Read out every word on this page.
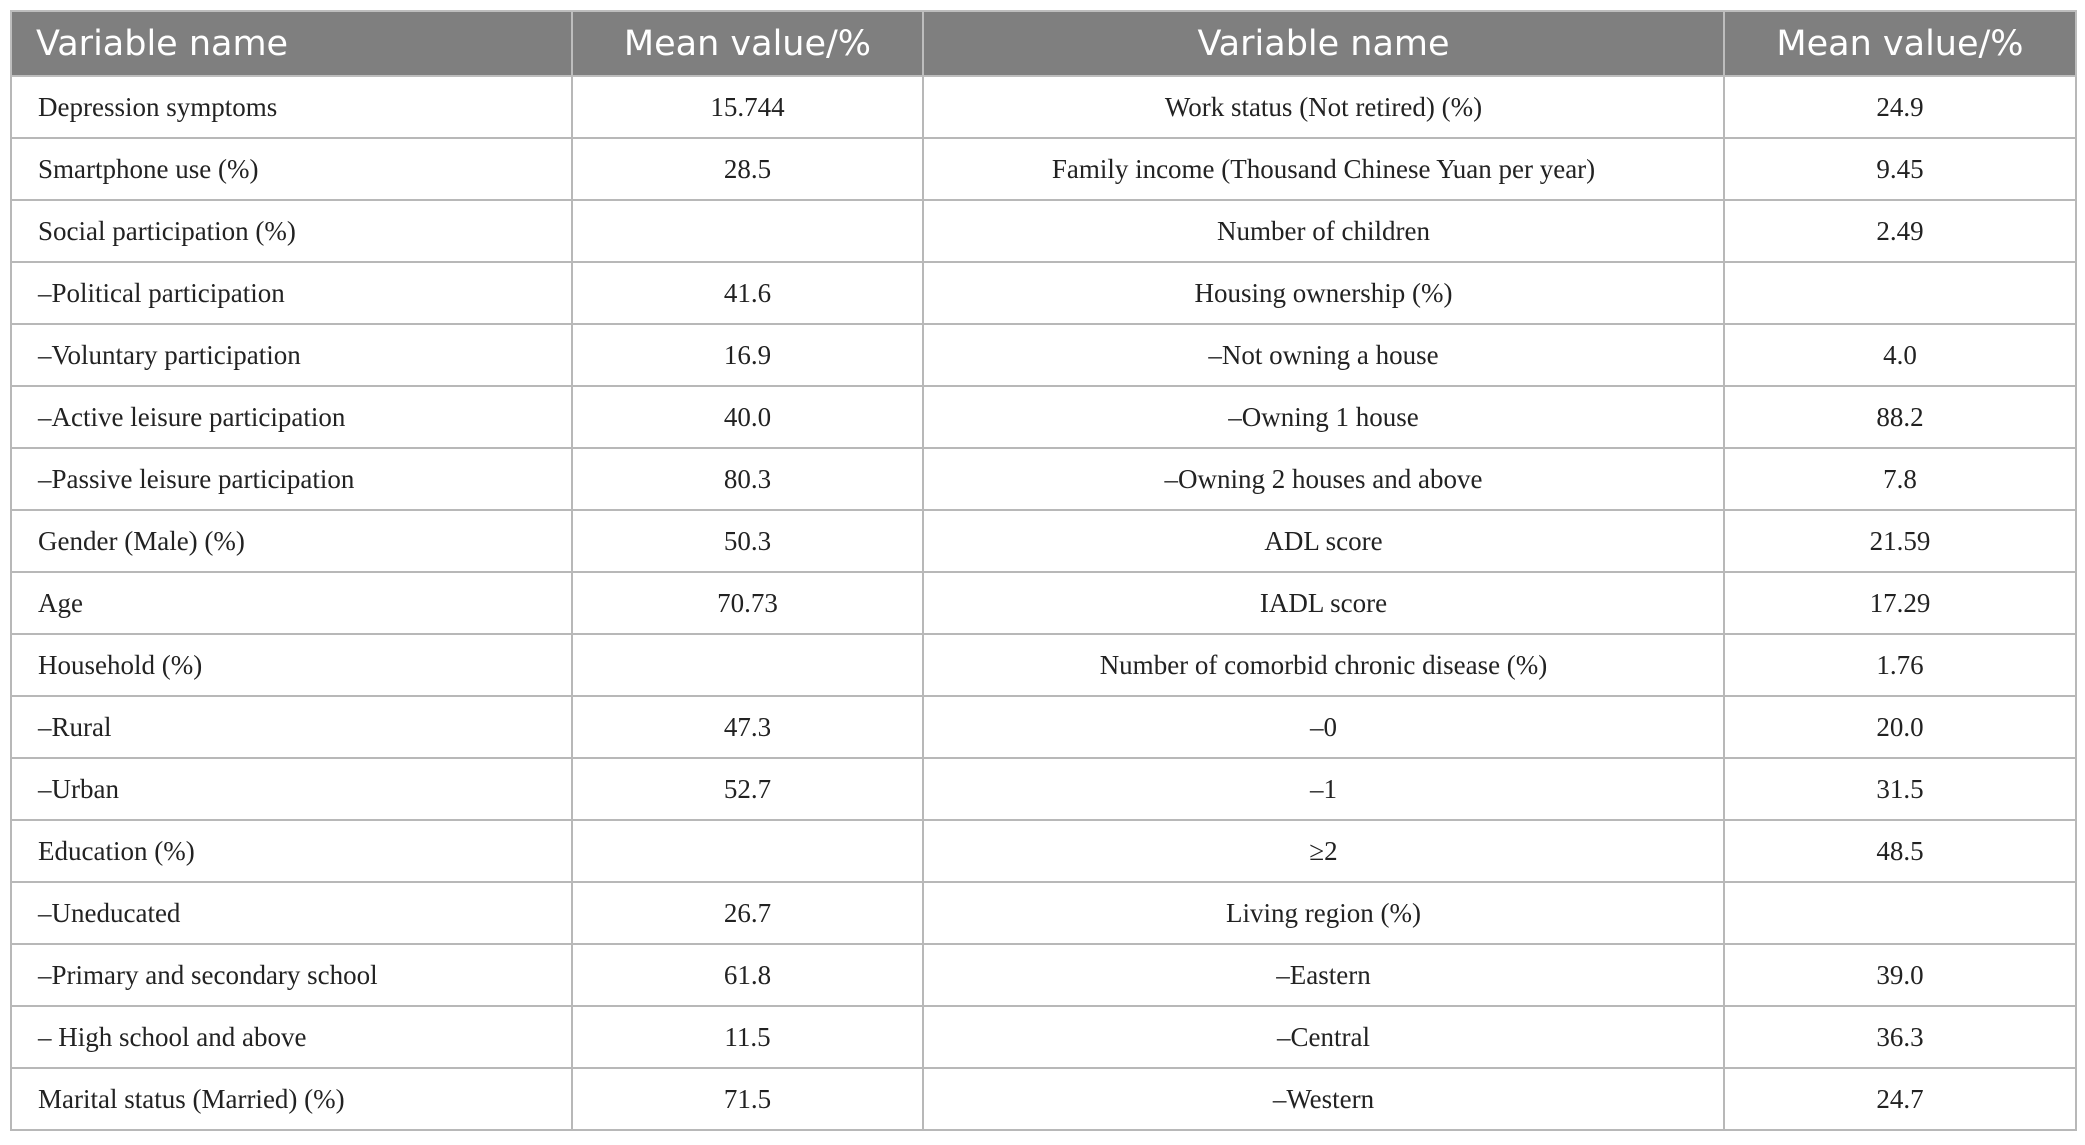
Variable name	Mean value/%	Variable name	Mean value/%
Depression symptoms	15.744	Work status (Not retired) (%)	24.9
Smartphone use (%)	28.5	Family income (Thousand Chinese Yuan per year)	9.45
Social participation (%)		Number of children	2.49
–Political participation	41.6	Housing ownership (%)	
–Voluntary participation	16.9	–Not owning a house	4.0
–Active leisure participation	40.0	–Owning 1 house	88.2
–Passive leisure participation	80.3	–Owning 2 houses and above	7.8
Gender (Male) (%)	50.3	ADL score	21.59
Age	70.73	IADL score	17.29
Household (%)		Number of comorbid chronic disease (%)	1.76
–Rural	47.3	–0	20.0
–Urban	52.7	–1	31.5
Education (%)		≥2	48.5
–Uneducated	26.7	Living region (%)	
–Primary and secondary school	61.8	–Eastern	39.0
– High school and above	11.5	–Central	36.3
Marital status (Married) (%)	71.5	–Western	24.7
